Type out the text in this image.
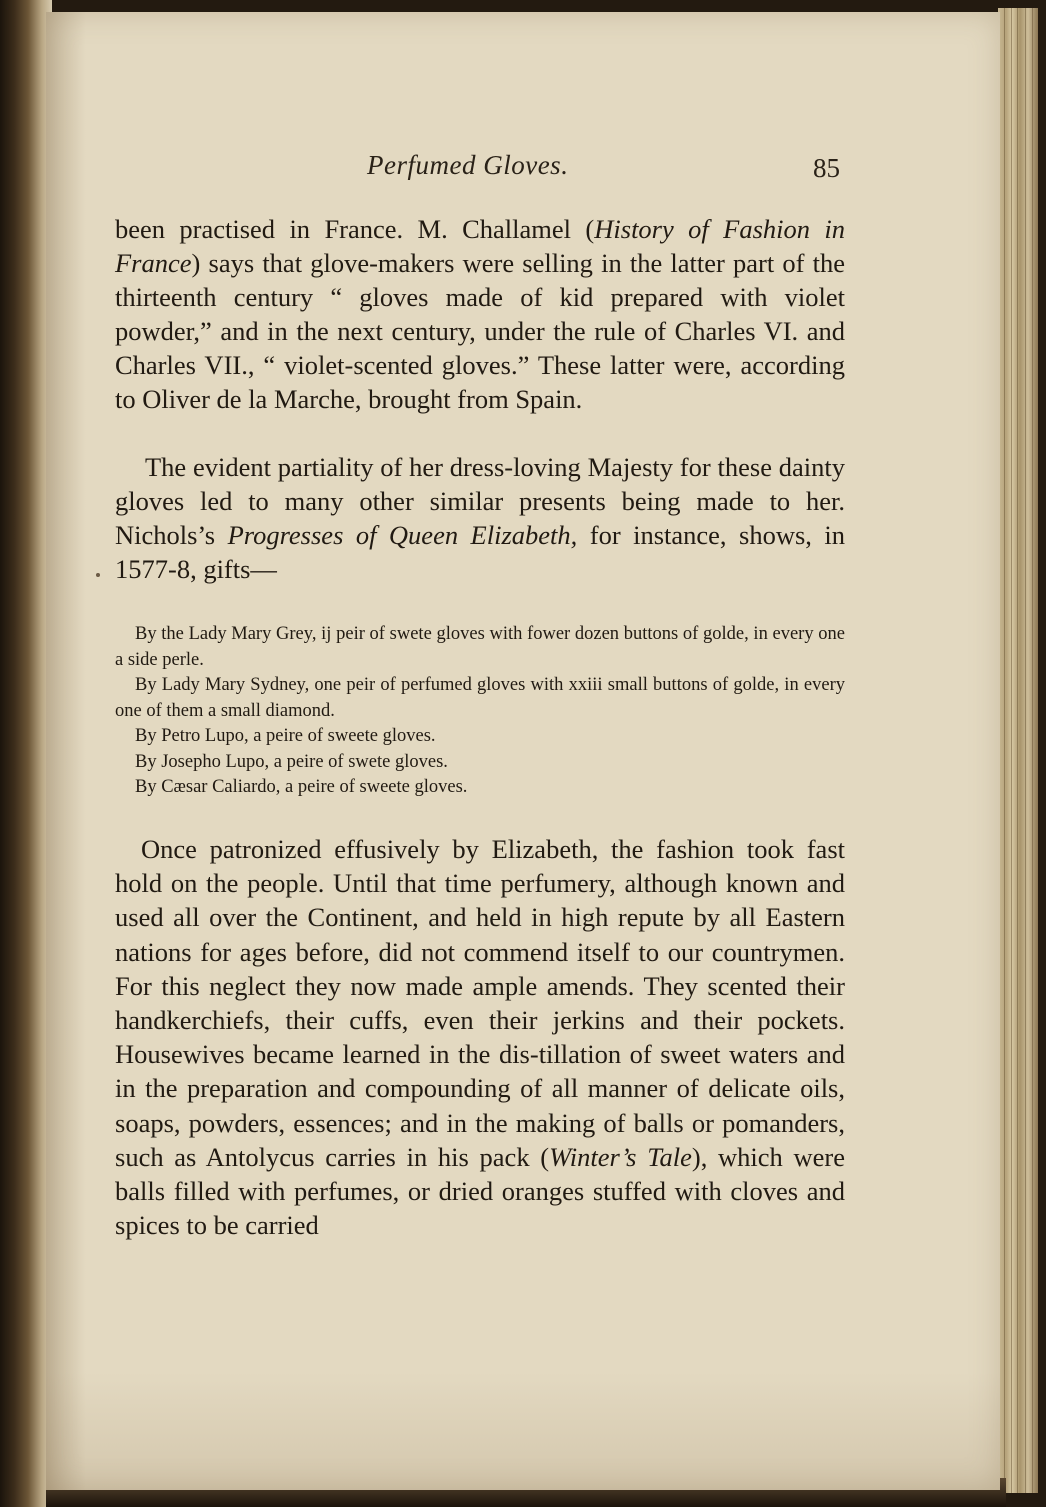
Perfumed Gloves.	85
been practised in France. M. Challamel (History of Fashion in France) says that glove-makers were selling in the latter part of the thirteenth century “ gloves made of kid prepared with violet powder,” and in the next century, under the rule of Charles VI. and Charles VII., “ violet-scented gloves.” These latter were, according to Oliver de la Marche, brought from Spain.
The evident partiality of her dress-loving Majesty for these dainty gloves led to many other similar presents being made to her. Nichols’s Progresses of Queen Elizabeth, for instance, shows, in 1577-8, gifts—

By the Lady Mary Grey, ij peir of swete gloves with fower dozen buttons of golde, in every one a side perle.

By Lady Mary Sydney, one peir of perfumed gloves with xxiii small buttons of golde, in every one of them a small diamond.

By Petro Lupo, a peire of sweete gloves.

By Josepho Lupo, a peire of swete gloves.

By Cæsar Caliardo, a peire of sweete gloves.

Once patronized effusively by Elizabeth, the fashion took fast hold on the people. Until that time perfumery, although known and used all over the Continent, and held in high repute by all Eastern nations for ages before, did not commend itself to our countrymen. For this neglect they now made ample amends. They scented their handkerchiefs, their cuffs, even their jerkins and their pockets. Housewives became learned in the dis-tillation of sweet waters and in the preparation and compounding of all manner of delicate oils, soaps, powders, essences; and in the making of balls or pomanders, such as Antolycus carries in his pack (Winter’s Tale), which were balls filled with perfumes, or dried oranges stuffed with cloves and spices to be carried
